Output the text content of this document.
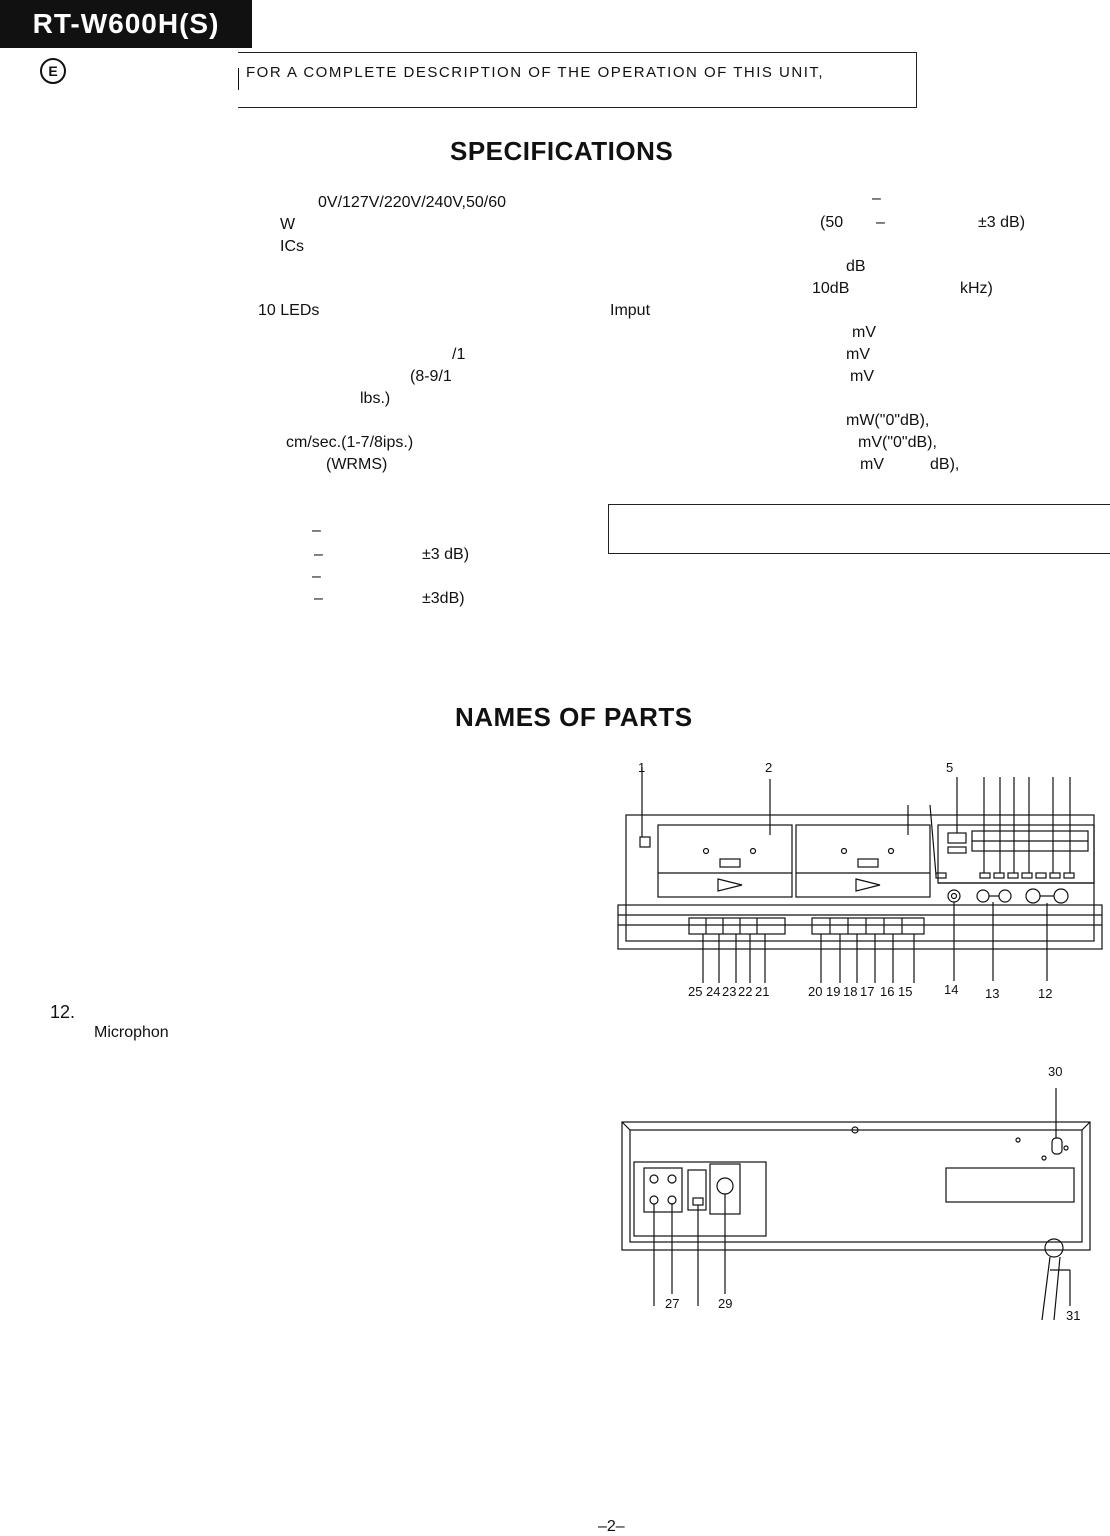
RT-W600H(S)
E	FOR A COMPLETE DESCRIPTION OF THE OPERATION OF THIS UNIT,
SPECIFICATIONS
0V/127V/220V/240V,50/60
W
ICs
10 LEDs
/1
(8-9/1
lbs.)
cm/sec.(1-7/8ips.)
(WRMS)
–
–	±3 dB)
–
–	±3dB)
–
(50 –	±3 dB)
dB
10dB	kHz)
Imput
mV
mV
mV
mW("0"dB),
mV("0"dB),
mV	dB),
NAMES OF PARTS
12.
Microphon
1	2	5
25 24 23 22 21	20 19 18 17 16 15 14 13	12
30
27	29
31
–2–
